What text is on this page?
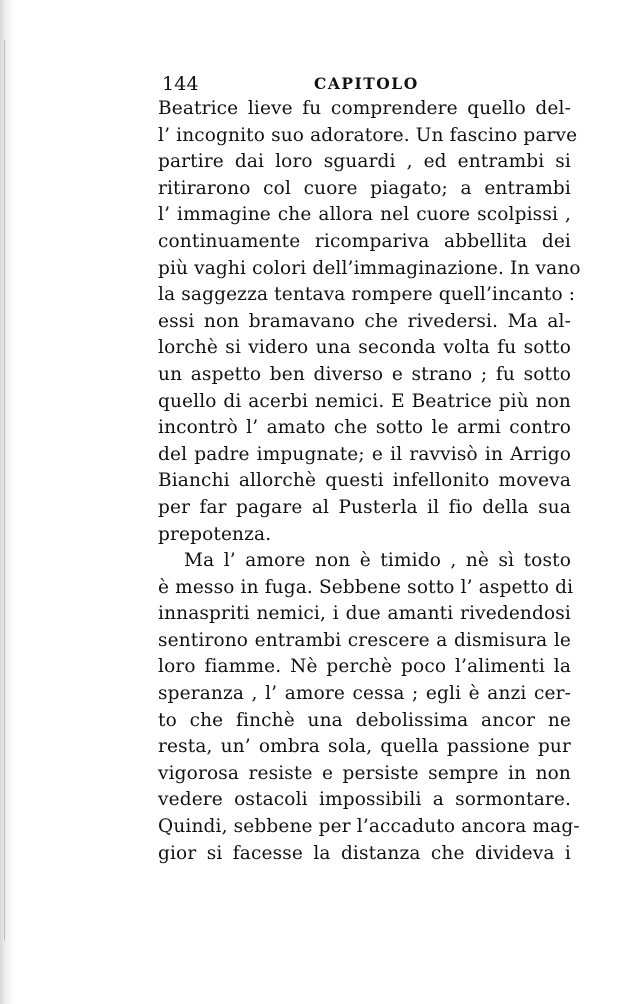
144	CAPITOLO

Beatrice lieve fu comprendere quello del-
l’ incognito suo adoratore. Un fascino parve
partire dai loro sguardi , ed entrambi si
ritirarono col cuore piagato; a entrambi
l’ immagine che allora nel cuore scolpissi ,
continuamente ricompariva abbellita dei
più vaghi colori dell’immaginazione. In vano
la saggezza tentava rompere quell’incanto :
essi non bramavano che rivedersi. Ma al-
lorchè si videro una seconda volta fu sotto
un aspetto ben diverso e strano ; fu sotto
quello di acerbi nemici. E Beatrice più non
incontrò l’ amato che sotto le armi contro
del padre impugnate; e il ravvisò in Arrigo
Bianchi allorchè questi infellonito moveva
per far pagare al Pusterla il fio della sua
prepotenza.

Ma l’ amore non è timido , nè sì tosto
è messo in fuga. Sebbene sotto l’ aspetto di
innaspriti nemici, i due amanti rivedendosi
sentirono entrambi crescere a dismisura le
loro fiamme. Nè perchè poco l’alimenti la
speranza , l’ amore cessa ; egli è anzi cer-
to che finchè una debolissima ancor ne
resta, un’ ombra sola, quella passione pur
vigorosa resiste e persiste sempre in non
vedere ostacoli impossibili a sormontare.
Quindi, sebbene per l’accaduto ancora mag-
gior si facesse la distanza che divideva i
